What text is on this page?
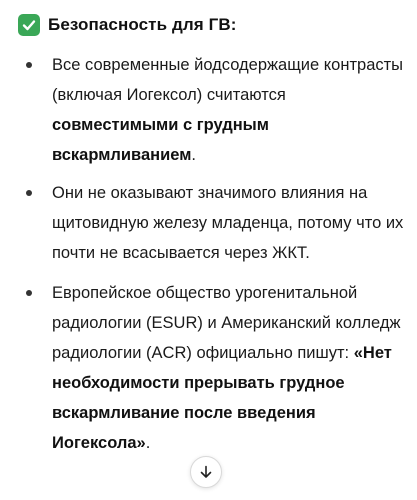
Безопасность для ГВ:
Все современные йодсодержащие контрасты (включая Иогексол) считаются совместимыми с грудным вскармливанием.
Они не оказывают значимого влияния на щитовидную железу младенца, потому что их почти не всасывается через ЖКТ.
Европейское общество урогенитальной радиологии (ESUR) и Американский колледж радиологии (ACR) официально пишут: «Нет необходимости прерывать грудное вскармливание после введения Иогексола».
